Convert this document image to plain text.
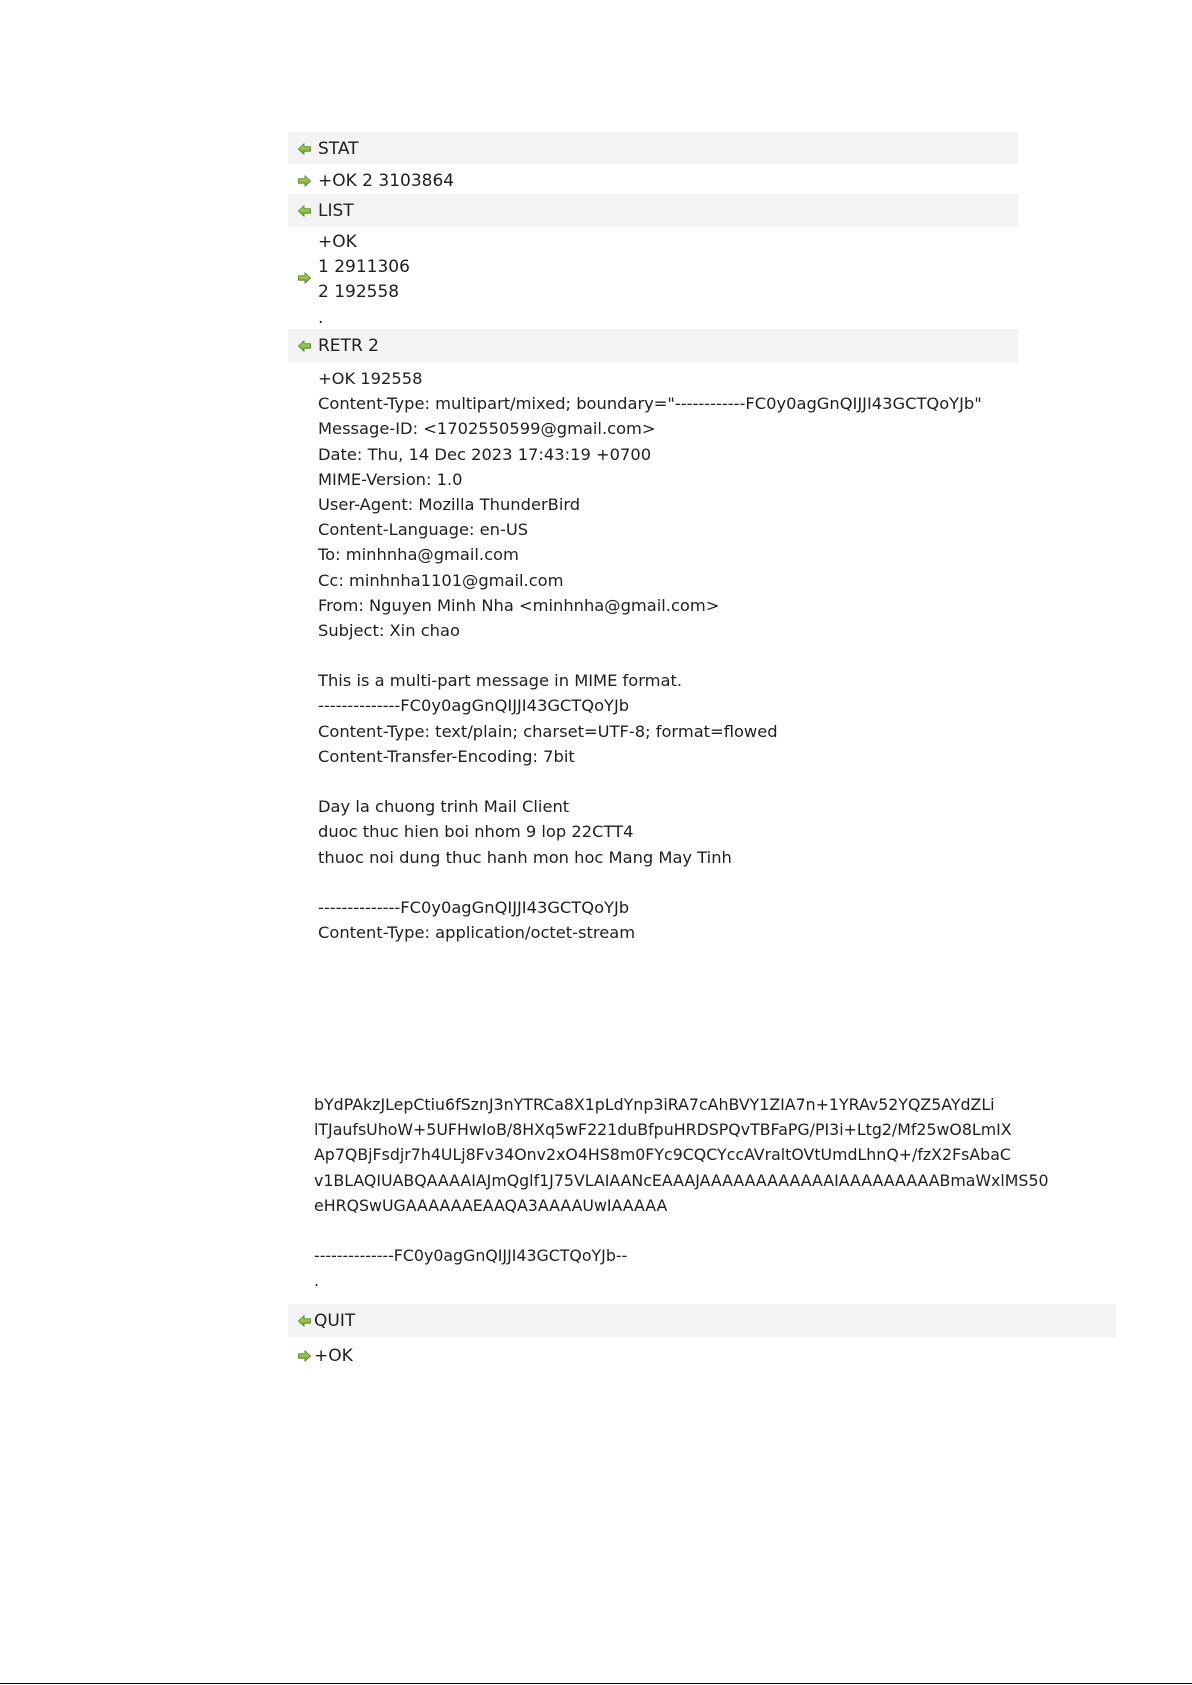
STAT
+OK 2 3103864
LIST
+OK
1 2911306
2 192558
.
RETR 2
+OK 192558
Content-Type: multipart/mixed; boundary="------------FC0y0agGnQIJJI43GCTQoYJb"
Message-ID: <1702550599@gmail.com>
Date: Thu, 14 Dec 2023 17:43:19 +0700
MIME-Version: 1.0
User-Agent: Mozilla ThunderBird
Content-Language: en-US
To: minhnha@gmail.com
Cc: minhnha1101@gmail.com
From: Nguyen Minh Nha <minhnha@gmail.com>
Subject: Xin chao
This is a multi-part message in MIME format.
--------------FC0y0agGnQIJJI43GCTQoYJb
Content-Type: text/plain; charset=UTF-8; format=flowed
Content-Transfer-Encoding: 7bit
Day la chuong trinh Mail Client
duoc thuc hien boi nhom 9 lop 22CTT4
thuoc noi dung thuc hanh mon hoc Mang May Tinh
--------------FC0y0agGnQIJJI43GCTQoYJb
Content-Type: application/octet-stream
bYdPAkzJLepCtiu6fSznJ3nYTRCa8X1pLdYnp3iRA7cAhBVY1ZIA7n+1YRAv52YQZ5AYdZLi
lTJaufsUhoW+5UFHwIoB/8HXq5wF221duBfpuHRDSPQvTBFaPG/PI3i+Ltg2/Mf25wO8LmIX
Ap7QBjFsdjr7h4ULj8Fv34Onv2xO4HS8m0FYc9CQCYccAVraltOVtUmdLhnQ+/fzX2FsAbaC
v1BLAQIUABQAAAAIAJmQglf1J75VLAIAANcEAAAJAAAAAAAAAAAAIAAAAAAAAABmaWxlMS50
eHRQSwUGAAAAAAEAAQA3AAAAUwIAAAAA
--------------FC0y0agGnQIJJI43GCTQoYJb--
.
QUIT
+OK
